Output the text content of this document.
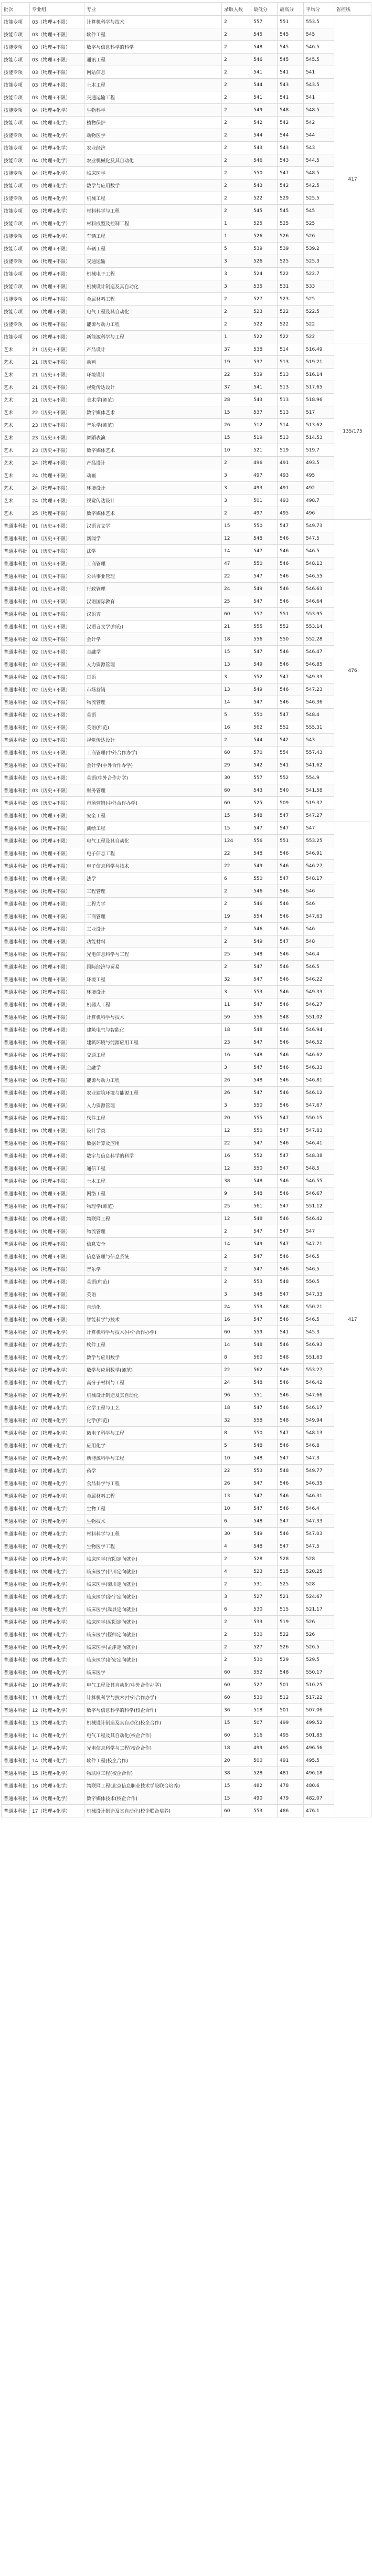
批次	专业组	专业	录取人数	最低分	最高分	平均分	省控线
技能专项	03（物理+不限）	计算机科学与技术	2	557	551	553.5	417
技能专项	03（物理+不限）	软件工程	2	545	545	545	
技能专项	03（物理+不限）	数字与信息科学的科学	2	548	545	546.5	
技能专项	03（物理+不限）	通讯工程	2	546	545	545.5	
技能专项	03（物理+不限）	网站信息	2	541	541	541	
技能专项	03（物理+不限）	土木工程	2	544	543	543.5	
技能专项	03（物理+不限）	交通运输工程	2	541	541	541	
技能专项	04（物理+化学）	生物科学	2	549	548	548.5	
技能专项	04（物理+化学）	植物保护	2	542	542	542	
技能专项	04（物理+化学）	动物医学	2	544	544	544	
技能专项	04（物理+化学）	农业经济	2	543	543	543	
技能专项	04（物理+化学）	农业机械化及其自动化	2	546	543	544.5	
技能专项	04（物理+化学）	临床医学	2	550	547	548.5	
技能专项	05（物理+化学）	数学与应用数学	2	543	542	542.5	
技能专项	05（物理+化学）	机械工程	2	522	529	525.5	
技能专项	05（物理+化学）	材料科学与工程	2	545	545	545	
技能专项	05（物理+化学）	材料成型及控制工程	1	525	525	525	
技能专项	05（物理+化学）	车辆工程	1	526	526	526	
技能专项	06（物理+不限）	车辆工程	5	539	539	539.2	
技能专项	06（物理+不限）	交通运输	3	526	525	525.3	
技能专项	06（物理+不限）	机械电子工程	3	524	522	522.7	
技能专项	06（物理+不限）	机械设计制造及其自动化	3	535	531	533	
技能专项	06（物理+不限）	金属材料工程	2	527	523	525	
技能专项	06（物理+不限）	电气工程及其自动化	2	523	522	522.5	
技能专项	06（物理+不限）	能源与动力工程	2	522	522	522	
技能专项	06（物理+不限）	新能源科学与工程	1	522	522	522	
艺术	21（历史+不限）	产品设计	37	538	514	516.49	135/175
艺术	21（历史+不限）	动画	19	537	513	519.21	
艺术	21（历史+不限）	环境设计	22	539	513	516.14	
艺术	21（历史+不限）	视觉传达设计	37	541	513	517.65	
艺术	21（历史+不限）	美术学(师范)	28	543	513	518.96	
艺术	22（历史+不限）	数字媒体艺术	15	537	513	517	
艺术	23（历史+不限）	音乐学(师范)	26	512	514	513.62	
艺术	23（历史+不限）	舞蹈表演	15	519	513	514.53	
艺术	23（历史+不限）	数字媒体艺术	10	521	519	519.7	
艺术	24（物理+不限）	产品设计	2	496	491	493.5	
艺术	24（物理+不限）	动画	3	497	493	495	
艺术	24（物理+不限）	环境设计	3	493	491	492	
艺术	24（物理+不限）	视觉传达设计	3	501	493	498.7	
艺术	25（物理+不限）	数字媒体艺术	2	497	495	496	
普通本科批	01（历史+不限）	汉语言文学	15	550	547	549.73	476
普通本科批	01（历史+不限）	新闻学	12	548	546	547.5	
普通本科批	01（历史+不限）	法学	14	547	546	546.5	
普通本科批	01（历史+不限）	工商管理	47	550	546	548.13	
普通本科批	01（历史+不限）	公共事业管理	22	547	546	546.55	
普通本科批	01（历史+不限）	行政管理	24	549	546	546.63	
普通本科批	01（历史+不限）	汉语国际教育	25	547	546	546.64	
普通本科批	01（历史+不限）	汉语言	60	557	551	553.95	
普通本科批	01（历史+不限）	汉语言文学(师范)	21	555	552	553.14	
普通本科批	02（历史+不限）	会计学	18	556	550	552.28	
普通本科批	02（历史+不限）	金融学	15	547	546	546.47	
普通本科批	02（历史+不限）	人力资源管理	13	549	546	546.85	
普通本科批	02（历史+不限）	日语	3	552	547	549.33	
普通本科批	02（历史+不限）	市场营销	13	549	546	547.23	
普通本科批	02（历史+不限）	物流管理	14	547	546	546.36	
普通本科批	02（历史+不限）	英语	5	550	547	548.4	
普通本科批	02（历史+不限）	英语(师范)	16	562	552	555.31	
普通本科批	03（历史+不限）	视觉传达设计	2	544	542	543	
普通本科批	03（历史+不限）	工商管理(中外合作办学)	60	570	554	557.43	
普通本科批	03（历史+不限）	会计学(中外合作办学)	29	542	541	541.62	
普通本科批	03（历史+不限）	英语(中外合作办学)	30	557	552	554.9	
普通本科批	03（历史+不限）	财务管理	60	543	540	541.58	
普通本科批	05（历史+不限）	市场营销(中外合作办学)	60	525	509	519.37	
普通本科批	06（物理+不限）	安全工程	15	548	547	547.27	
普通本科批	06（物理+不限）	测绘工程	15	547	547	547	417
普通本科批	06（物理+不限）	电气工程及其自动化	124	556	551	553.25	
普通本科批	06（物理+不限）	电子信息工程	22	548	546	546.91	
普通本科批	06（物理+不限）	电子信息科学与技术	22	549	546	546.27	
普通本科批	06（物理+不限）	法学	6	550	547	548.17	
普通本科批	06（物理+不限）	工程管理	2	546	546	546	
普通本科批	06（物理+不限）	工程力学	2	546	546	546	
普通本科批	06（物理+不限）	工商管理	19	554	546	547.63	
普通本科批	06（物理+不限）	工业设计	2	546	546	546	
普通本科批	06（物理+不限）	功能材料	2	549	547	548	
普通本科批	06（物理+不限）	光电信息科学与工程	25	548	546	546.4	
普通本科批	06（物理+不限）	国际经济与贸易	2	547	546	546.5	
普通本科批	06（物理+不限）	环境工程	32	547	546	546.22	
普通本科批	06（物理+不限）	环境设计	3	553	546	549.33	
普通本科批	06（物理+不限）	机器人工程	11	547	546	546.27	
普通本科批	06（物理+不限）	计算机科学与技术	59	556	548	551.02	
普通本科批	06（物理+不限）	建筑电气与智能化	18	548	546	546.94	
普通本科批	06（物理+不限）	建筑环境与能源应用工程	23	547	546	546.52	
普通本科批	06（物理+不限）	交通工程	16	548	546	546.62	
普通本科批	06（物理+不限）	金融学	3	547	546	546.33	
普通本科批	06（物理+不限）	能源与动力工程	26	548	546	546.81	
普通本科批	06（物理+不限）	农业建筑环境与能源工程	26	547	546	546.12	
普通本科批	06（物理+不限）	人力资源管理	3	550	546	547.67	
普通本科批	06（物理+不限）	软件工程	20	555	547	550.15	
普通本科批	06（物理+不限）	设计学类	12	550	547	547.83	
普通本科批	06（物理+不限）	数据计算及应用	22	547	546	546.41	
普通本科批	06（物理+不限）	数字与信息科学的科学	16	552	547	548.38	
普通本科批	06（物理+不限）	通信工程	12	550	547	548.5	
普通本科批	06（物理+不限）	土木工程	38	548	546	546.55	
普通本科批	06（物理+不限）	网络工程	9	548	546	546.67	
普通本科批	06（物理+不限）	物理学(师范)	25	561	547	551.12	
普通本科批	06（物理+不限）	物联网工程	12	548	546	546.42	
普通本科批	06（物理+不限）	物流管理	2	547	547	547	
普通本科批	06（物理+不限）	信息安全	14	549	547	547.71	
普通本科批	06（物理+不限）	信息管理与信息系统	2	547	546	546.5	
普通本科批	06（物理+不限）	音乐学	2	547	546	546.5	
普通本科批	06（物理+不限）	英语(师范)	2	553	548	550.5	
普通本科批	06（物理+不限）	英语	3	548	547	547.33	
普通本科批	06（物理+不限）	自动化	24	553	548	550.21	
普通本科批	06（物理+不限）	智能科学与技术	16	547	546	546.5	
普通本科批	07（物理+化学）	计算机科学与技术(中外合作办学)	60	559	541	545.3	
普通本科批	07（物理+化学）	软件工程	14	548	546	546.93	
普通本科批	07（物理+化学）	数学与应用数学	8	560	548	551.63	
普通本科批	07（物理+化学）	数学与应用数学(师范)	22	562	549	553.27	
普通本科批	07（物理+化学）	高分子材料与工程	24	548	546	546.42	
普通本科批	07（物理+化学）	机械设计制造及其自动化	96	551	546	547.66	
普通本科批	07（物理+化学）	化学工程与工艺	18	547	546	546.17	
普通本科批	07（物理+化学）	化学(师范)	32	558	548	549.94	
普通本科批	07（物理+化学）	微电子科学与工程	8	550	547	548.13	
普通本科批	07（物理+化学）	应用化学	5	548	546	546.8	
普通本科批	07（物理+化学）	新能源科学与工程	10	548	547	547.3	
普通本科批	07（物理+化学）	药学	22	553	548	549.77	
普通本科批	07（物理+化学）	食品科学与工程	26	547	546	546.35	
普通本科批	07（物理+化学）	金属材料工程	13	547	546	546.31	
普通本科批	07（物理+化学）	生物工程	10	547	546	546.4	
普通本科批	07（物理+化学）	生物技术	6	548	547	547.33	
普通本科批	07（物理+化学）	材料科学与工程	30	549	546	547.03	
普通本科批	07（物理+化学）	生物医学工程	4	548	547	547.5	
普通本科批	08（物理+化学）	临床医学(宜阳定向就业)	2	528	528	528	
普通本科批	08（物理+化学）	临床医学(伊川定向就业)	4	523	515	520.25	
普通本科批	08（物理+化学）	临床医学(栾川定向就业)	2	531	525	528	
普通本科批	08（物理+化学）	临床医学(洛宁定向就业)	3	527	521	524.67	
普通本科批	08（物理+化学）	临床医学(嵩县定向就业)	6	530	515	521.17	
普通本科批	08（物理+化学）	临床医学(汝阳定向就业)	2	533	519	526	
普通本科批	08（物理+化学）	临床医学(偃师定向就业)	2	530	522	526	
普通本科批	08（物理+化学）	临床医学(孟津定向就业)	2	527	526	526.5	
普通本科批	08（物理+化学）	临床医学(新安定向就业)	2	530	529	529.5	
普通本科批	09（物理+化学）	临床医学	60	552	548	550.17	
普通本科批	10（物理+化学）	电气工程及其自动化(中外合作办学)	60	527	501	510.25	
普通本科批	11（物理+化学）	计算机科学与技术(中外合作办学)	60	530	512	517.22	
普通本科批	12（物理+化学）	数字与信息科学的科学(校企合作)	36	518	501	507.06	
普通本科批	13（物理+化学）	机械设计制造及其自动化(校企合作)	15	507	499	499.52	
普通本科批	14（物理+化学）	电气工程及其自动化(校企合作)	60	516	495	501.85	
普通本科批	14（物理+化学）	光电信息科学与工程(校企合作)	18	499	495	496.56	
普通本科批	14（物理+化学）	软件工程(校企合作)	20	500	491	495.5	
普通本科批	15（物理+化学）	物联网工程(校企合作)	38	528	481	496.18	
普通本科批	16（物理+化学）	物联网工程(北京信息职业技术学院联合培养)	15	482	478	480.6	
普通本科批	16（物理+化学）	数字媒体技术(校企合作)	15	490	479	482.07	
普通本科批	17（物理+化学）	机械设计制造及其自动化(校企联合培养)	60	553	486	476.1	
